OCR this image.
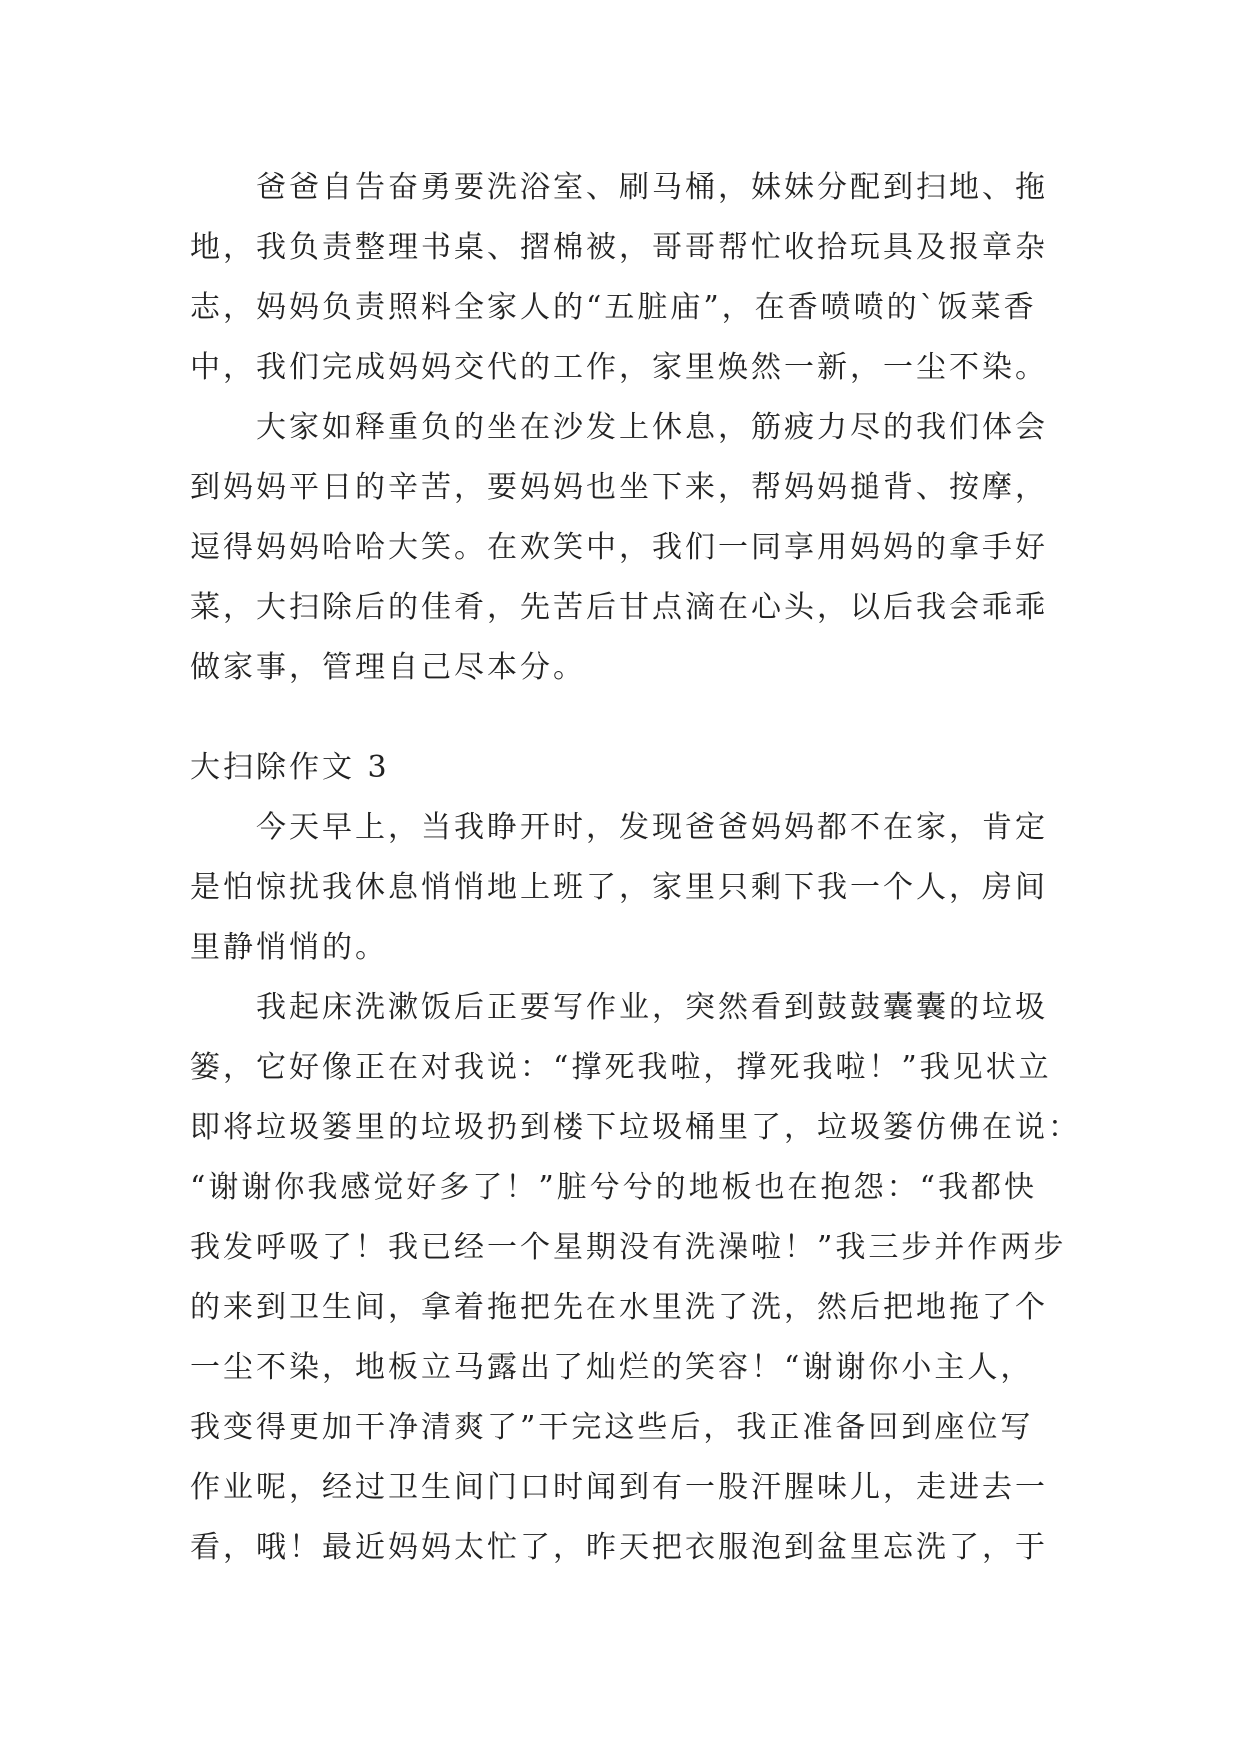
爸爸自告奋勇要洗浴室、刷马桶，妹妹分配到扫地、拖
地，我负责整理书桌、摺棉被，哥哥帮忙收拾玩具及报章杂
志，妈妈负责照料全家人的“五脏庙”，在香喷喷的`饭菜香
中，我们完成妈妈交代的工作，家里焕然一新，一尘不染。
大家如释重负的坐在沙发上休息，筋疲力尽的我们体会
到妈妈平日的辛苦，要妈妈也坐下来，帮妈妈搥背、按摩，
逗得妈妈哈哈大笑。在欢笑中，我们一同享用妈妈的拿手好
菜，大扫除后的佳肴，先苦后甘点滴在心头，以后我会乖乖
做家事，管理自己尽本分。
大扫除作文 3
今天早上，当我睁开时，发现爸爸妈妈都不在家，肯定
是怕惊扰我休息悄悄地上班了，家里只剩下我一个人，房间
里静悄悄的。
我起床洗漱饭后正要写作业，突然看到鼓鼓囊囊的垃圾
篓，它好像正在对我说：“撑死我啦，撑死我啦！”我见状立
即将垃圾篓里的垃圾扔到楼下垃圾桶里了，垃圾篓仿佛在说：
“谢谢你我感觉好多了！”脏兮兮的地板也在抱怨：“我都快
我发呼吸了！我已经一个星期没有洗澡啦！”我三步并作两步
的来到卫生间，拿着拖把先在水里洗了洗，然后把地拖了个
一尘不染，地板立马露出了灿烂的笑容！“谢谢你小主人，
我变得更加干净清爽了”干完这些后，我正准备回到座位写
作业呢，经过卫生间门口时闻到有一股汗腥味儿，走进去一
看，哦！最近妈妈太忙了，昨天把衣服泡到盆里忘洗了，于
